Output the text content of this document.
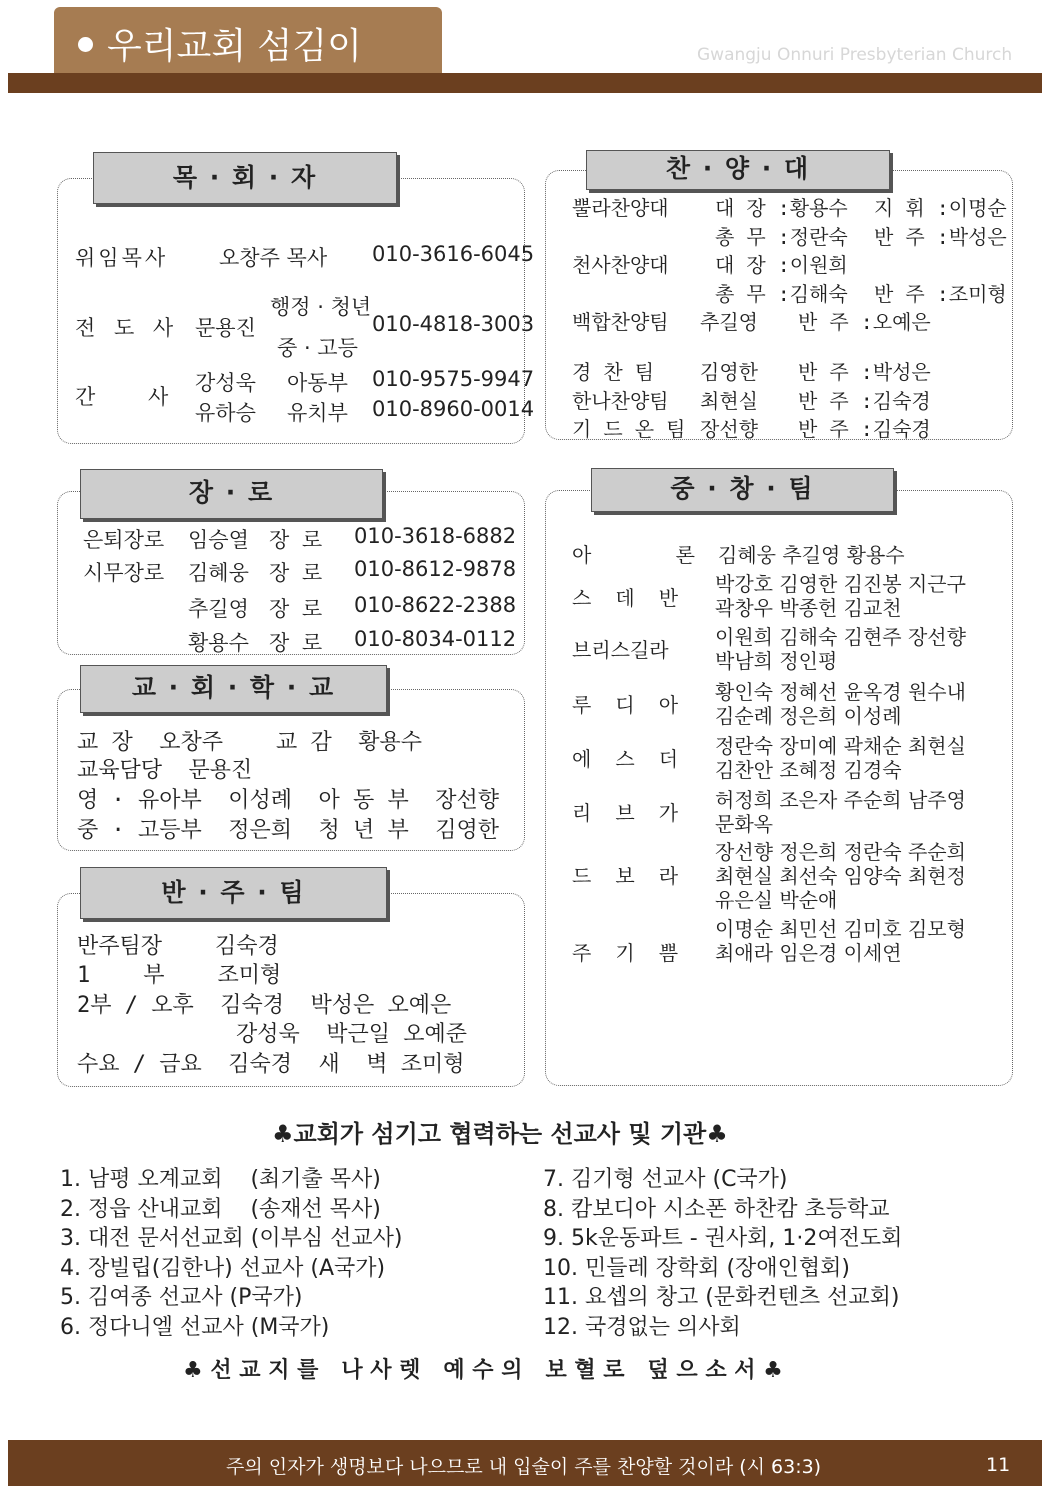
우리교회 섬김이	Gwangju Onnuri Presbyterian Church
목 · 회 · 자
위임목사 오창주 목사 010-3616-6045
전 도 사 문용진
행정 · 청년
중 · 고등
010-4818-3003
간 사
강성욱 아동부 010-9575-9947
유하승 유치부 010-8960-0014
찬 · 양 · 대
뿔라찬양대 대 장 :황용수 지 휘 :이명순
총 무 :정란숙 반 주 :박성은
천사찬양대 대 장 :이원희
총 무 :김해숙 반 주 :조미형
백합찬양팀 추길영 반 주 :오예은
경 찬 팀 김영한 반 주 :박성은
한나찬양팀 최현실 반 주 :김숙경
기 드 온 팀 장선향 반 주 :김숙경
장 · 로
은퇴장로 임승열 장 로 010-3618-6882
시무장로 김혜웅 장 로 010-8612-9878
추길영 장 로 010-8622-2388
황용수 장 로 010-8034-0112
교 · 회 · 학 · 교
교 장  오창주    교 감  황용수
교육담당  문용진
영 · 유아부  이성례  아 동 부  장선향
중 · 고등부  정은희  청 년 부  김영한
반 · 주 · 팀
반주팀장    김숙경
1    부    조미형
2부 / 오후  김숙경  박성은 오예은
강성욱  박근일 오예준
수요 / 금요  김숙경  새  벽 조미형
중 · 창 · 팀
아       론 김혜웅 추길영 황용수
스  데  반
박강호 김영한 김진봉 지근구
곽창우 박종헌 김교천
브리스길라
이원희 김해숙 김현주 장선향
박남희 정인평
루  디  아
황인숙 정혜선 윤옥경 원수내
김순례 정은희 이성례
에  스  더
정란숙 장미예 곽채순 최현실
김찬안 조혜정 김경숙
리  브  가
허정희 조은자 주순희 남주영
문화옥
드  보  라
장선향 정은희 정란숙 주순희
최현실 최선숙 임양숙 최현정
유은실 박순애
주  기  쁨
이명순 최민선 김미호 김모형
최애라 임은경 이세연
♣교회가 섬기고 협력하는 선교사 및 기관♣
1. 남평 오계교회    (최기출 목사)
2. 정읍 산내교회    (송재선 목사)
3. 대전 문서선교회 (이부심 선교사)
4. 장빌립(김한나) 선교사 (A국가)
5. 김여종 선교사 (P국가)
6. 정다니엘 선교사 (M국가)
7. 김기형 선교사 (C국가)
8. 캄보디아 시소폰 하찬캄 초등학교
9. 5k운동파트 - 권사회, 1·2여전도회
10. 민들레 장학회 (장애인협회)
11. 요셉의 창고 (문화컨텐츠 선교회)
12. 국경없는 의사회
♣ 선 교 지 를   나 사 렛   예 수 의   보 혈 로   덮 으 소 서 ♣
주의 인자가 생명보다 나으므로 내 입술이 주를 찬양할 것이라 (시 63:3)	11
